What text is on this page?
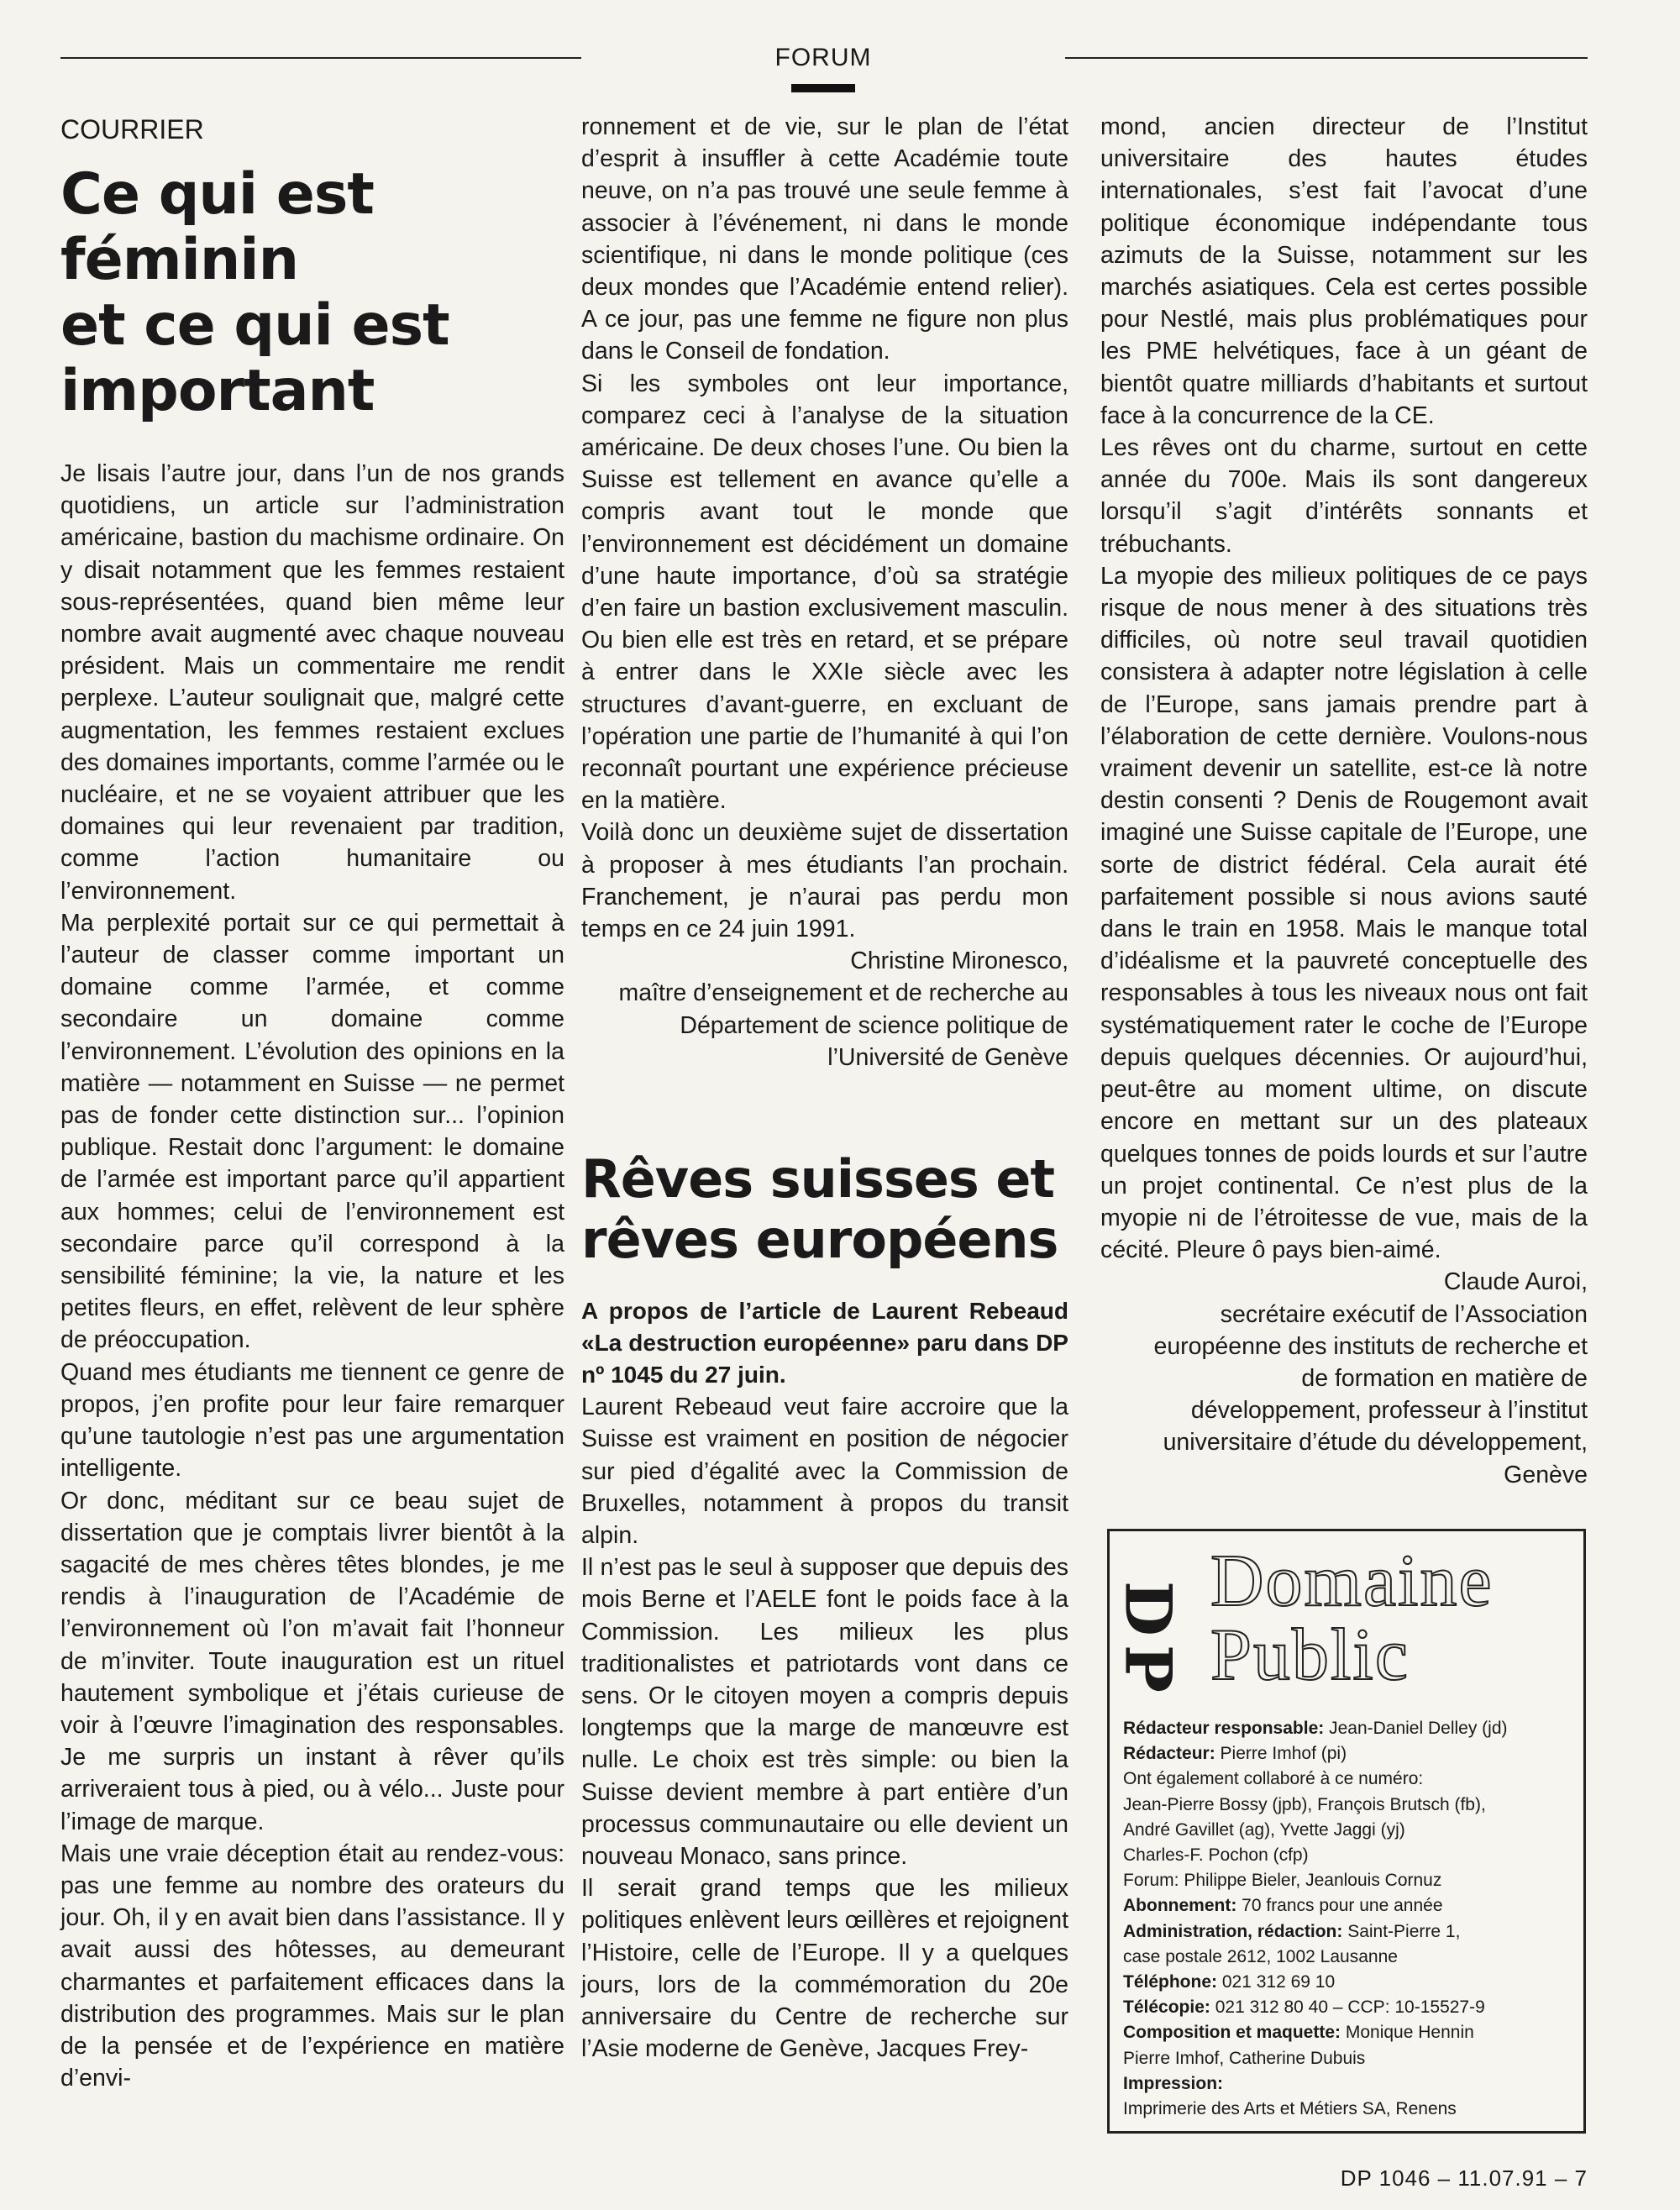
FORUM
COURRIER
Ce qui est féminin
et ce qui est
important

Je lisais l’autre jour, dans l’un de nos grands quotidiens, un article sur l’administration américaine, bastion du machisme ordinaire. On y disait notamment que les femmes restaient sous-représentées, quand bien même leur nombre avait augmenté avec chaque nouveau président. Mais un commentaire me rendit perplexe. L’auteur soulignait que, malgré cette augmentation, les femmes restaient exclues des domaines importants, comme l’armée ou le nucléaire, et ne se voyaient attribuer que les domaines qui leur revenaient par tradition, comme l’action humanitaire ou l’environnement.

Ma perplexité portait sur ce qui permettait à l’auteur de classer comme important un domaine comme l’armée, et comme secondaire un domaine comme l’environnement. L’évolution des opinions en la matière — notamment en Suisse — ne permet pas de fonder cette distinction sur... l’opinion publique. Restait donc l’argument: le domaine de l’armée est important parce qu’il appartient aux hommes; celui de l’environnement est secondaire parce qu’il correspond à la sensibilité féminine; la vie, la nature et les petites fleurs, en effet, relèvent de leur sphère de préoccupation.

Quand mes étudiants me tiennent ce genre de propos, j’en profite pour leur faire remarquer qu’une tautologie n’est pas une argumentation intelligente.

Or donc, méditant sur ce beau sujet de dissertation que je comptais livrer bientôt à la sagacité de mes chères têtes blondes, je me rendis à l’inauguration de l’Académie de l’environnement où l’on m’avait fait l’honneur de m’inviter. Toute inauguration est un rituel hautement symbolique et j’étais curieuse de voir à l’œuvre l’imagination des responsables. Je me surpris un instant à rêver qu’ils arriveraient tous à pied, ou à vélo... Juste pour l’image de marque.

Mais une vraie déception était au rendez-vous: pas une femme au nombre des orateurs du jour. Oh, il y en avait bien dans l’assistance. Il y avait aussi des hôtesses, au demeurant charmantes et parfaitement efficaces dans la distribution des programmes. Mais sur le plan de la pensée et de l’expérience en matière d’envi-

ronnement et de vie, sur le plan de l’état d’esprit à insuffler à cette Académie toute neuve, on n’a pas trouvé une seule femme à associer à l’événement, ni dans le monde scientifique, ni dans le monde politique (ces deux mondes que l’Académie entend relier). A ce jour, pas une femme ne figure non plus dans le Conseil de fondation.

Si les symboles ont leur importance, comparez ceci à l’analyse de la situation américaine. De deux choses l’une. Ou bien la Suisse est tellement en avance qu’elle a compris avant tout le monde que l’environnement est décidément un domaine d’une haute importance, d’où sa stratégie d’en faire un bastion exclusivement masculin. Ou bien elle est très en retard, et se prépare à entrer dans le XXIe siècle avec les structures d’avant-guerre, en excluant de l’opération une partie de l’humanité à qui l’on reconnaît pourtant une expérience précieuse en la matière.

Voilà donc un deuxième sujet de dissertation à proposer à mes étudiants l’an prochain. Franchement, je n’aurai pas perdu mon temps en ce 24 juin 1991.

Christine Mironesco,

maître d’enseignement et de recherche au Département de science politique de l’Université de Genève

Rêves suisses et
rêves européens

A propos de l’article de Laurent Rebeaud «La destruction européenne» paru dans DP nº 1045 du 27 juin.

Laurent Rebeaud veut faire accroire que la Suisse est vraiment en position de négocier sur pied d’égalité avec la Commission de Bruxelles, notamment à propos du transit alpin.

Il n’est pas le seul à supposer que depuis des mois Berne et l’AELE font le poids face à la Commission. Les milieux les plus traditionalistes et patriotards vont dans ce sens. Or le citoyen moyen a compris depuis longtemps que la marge de manœuvre est nulle. Le choix est très simple: ou bien la Suisse devient membre à part entière d’un processus communautaire ou elle devient un nouveau Monaco, sans prince.

Il serait grand temps que les milieux politiques enlèvent leurs œillères et rejoignent l’Histoire, celle de l’Europe. Il y a quelques jours, lors de la commémoration du 20e anniversaire du Centre de recherche sur l’Asie moderne de Genève, Jacques Frey-

mond, ancien directeur de l’Institut universitaire des hautes études internationales, s’est fait l’avocat d’une politique économique indépendante tous azimuts de la Suisse, notamment sur les marchés asiatiques. Cela est certes possible pour Nestlé, mais plus problématiques pour les PME helvétiques, face à un géant de bientôt quatre milliards d’habitants et surtout face à la concurrence de la CE.

Les rêves ont du charme, surtout en cette année du 700e. Mais ils sont dangereux lorsqu’il s’agit d’intérêts sonnants et trébuchants.

La myopie des milieux politiques de ce pays risque de nous mener à des situations très difficiles, où notre seul travail quotidien consistera à adapter notre législation à celle de l’Europe, sans jamais prendre part à l’élaboration de cette dernière. Voulons-nous vraiment devenir un satellite, est-ce là notre destin consenti ? Denis de Rougemont avait imaginé une Suisse capitale de l’Europe, une sorte de district fédéral. Cela aurait été parfaitement possible si nous avions sauté dans le train en 1958. Mais le manque total d’idéalisme et la pauvreté conceptuelle des responsables à tous les niveaux nous ont fait systématiquement rater le coche de l’Europe depuis quelques décennies. Or aujourd’hui, peut-être au moment ultime, on discute encore en mettant sur un des plateaux quelques tonnes de poids lourds et sur l’autre un projet continental. Ce n’est plus de la myopie ni de l’étroitesse de vue, mais de la cécité. Pleure ô pays bien-aimé.

Claude Auroi,

secrétaire exécutif de l’Association européenne des instituts de recherche et de formation en matière de développement, professeur à l’institut universitaire d’étude du développement, Genève

DP Domaine
Public
Rédacteur responsable: Jean-Daniel Delley (jd)
Rédacteur: Pierre Imhof (pi)
Ont également collaboré à ce numéro:
Jean-Pierre Bossy (jpb), François Brutsch (fb),
André Gavillet (ag), Yvette Jaggi (yj)
Charles-F. Pochon (cfp)
Forum: Philippe Bieler, Jeanlouis Cornuz
Abonnement: 70 francs pour une année
Administration, rédaction: Saint-Pierre 1,
case postale 2612, 1002 Lausanne
Téléphone: 021 312 69 10
Télécopie: 021 312 80 40 – CCP: 10-15527-9
Composition et maquette: Monique Hennin
Pierre Imhof, Catherine Dubuis
Impression:
Imprimerie des Arts et Métiers SA, Renens
DP 1046 – 11.07.91 – 7
